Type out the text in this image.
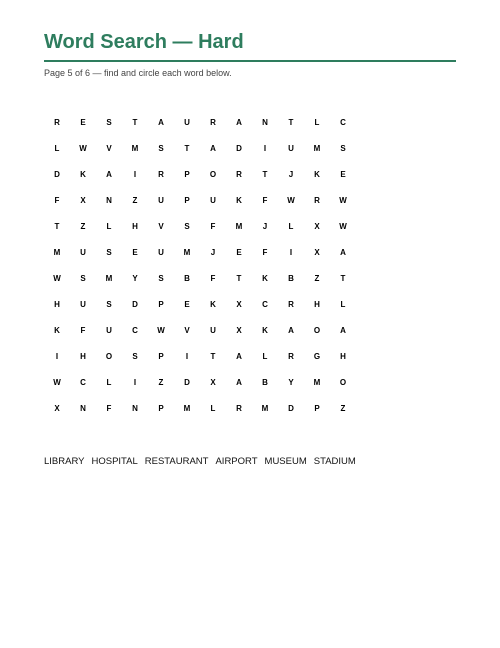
Word Search — Hard
Page 5 of 6 — find and circle each word below.
R	E	S	T	A	U	R	A	N	T	L	C
L	W	V	M	S	T	A	D	I	U	M	S
D	K	A	I	R	P	O	R	T	J	K	E
F	X	N	Z	U	P	U	K	F	W	R	W
T	Z	L	H	V	S	F	M	J	L	X	W
M	U	S	E	U	M	J	E	F	I	X	A
W	S	M	Y	S	B	F	T	K	B	Z	T
H	U	S	D	P	E	K	X	C	R	H	L
K	F	U	C	W	V	U	X	K	A	O	A
I	H	O	S	P	I	T	A	L	R	G	H
W	C	L	I	Z	D	X	A	B	Y	M	O
X	N	F	N	P	M	L	R	M	D	P	Z
LIBRARY HOSPITAL RESTAURANT AIRPORT MUSEUM STADIUM
